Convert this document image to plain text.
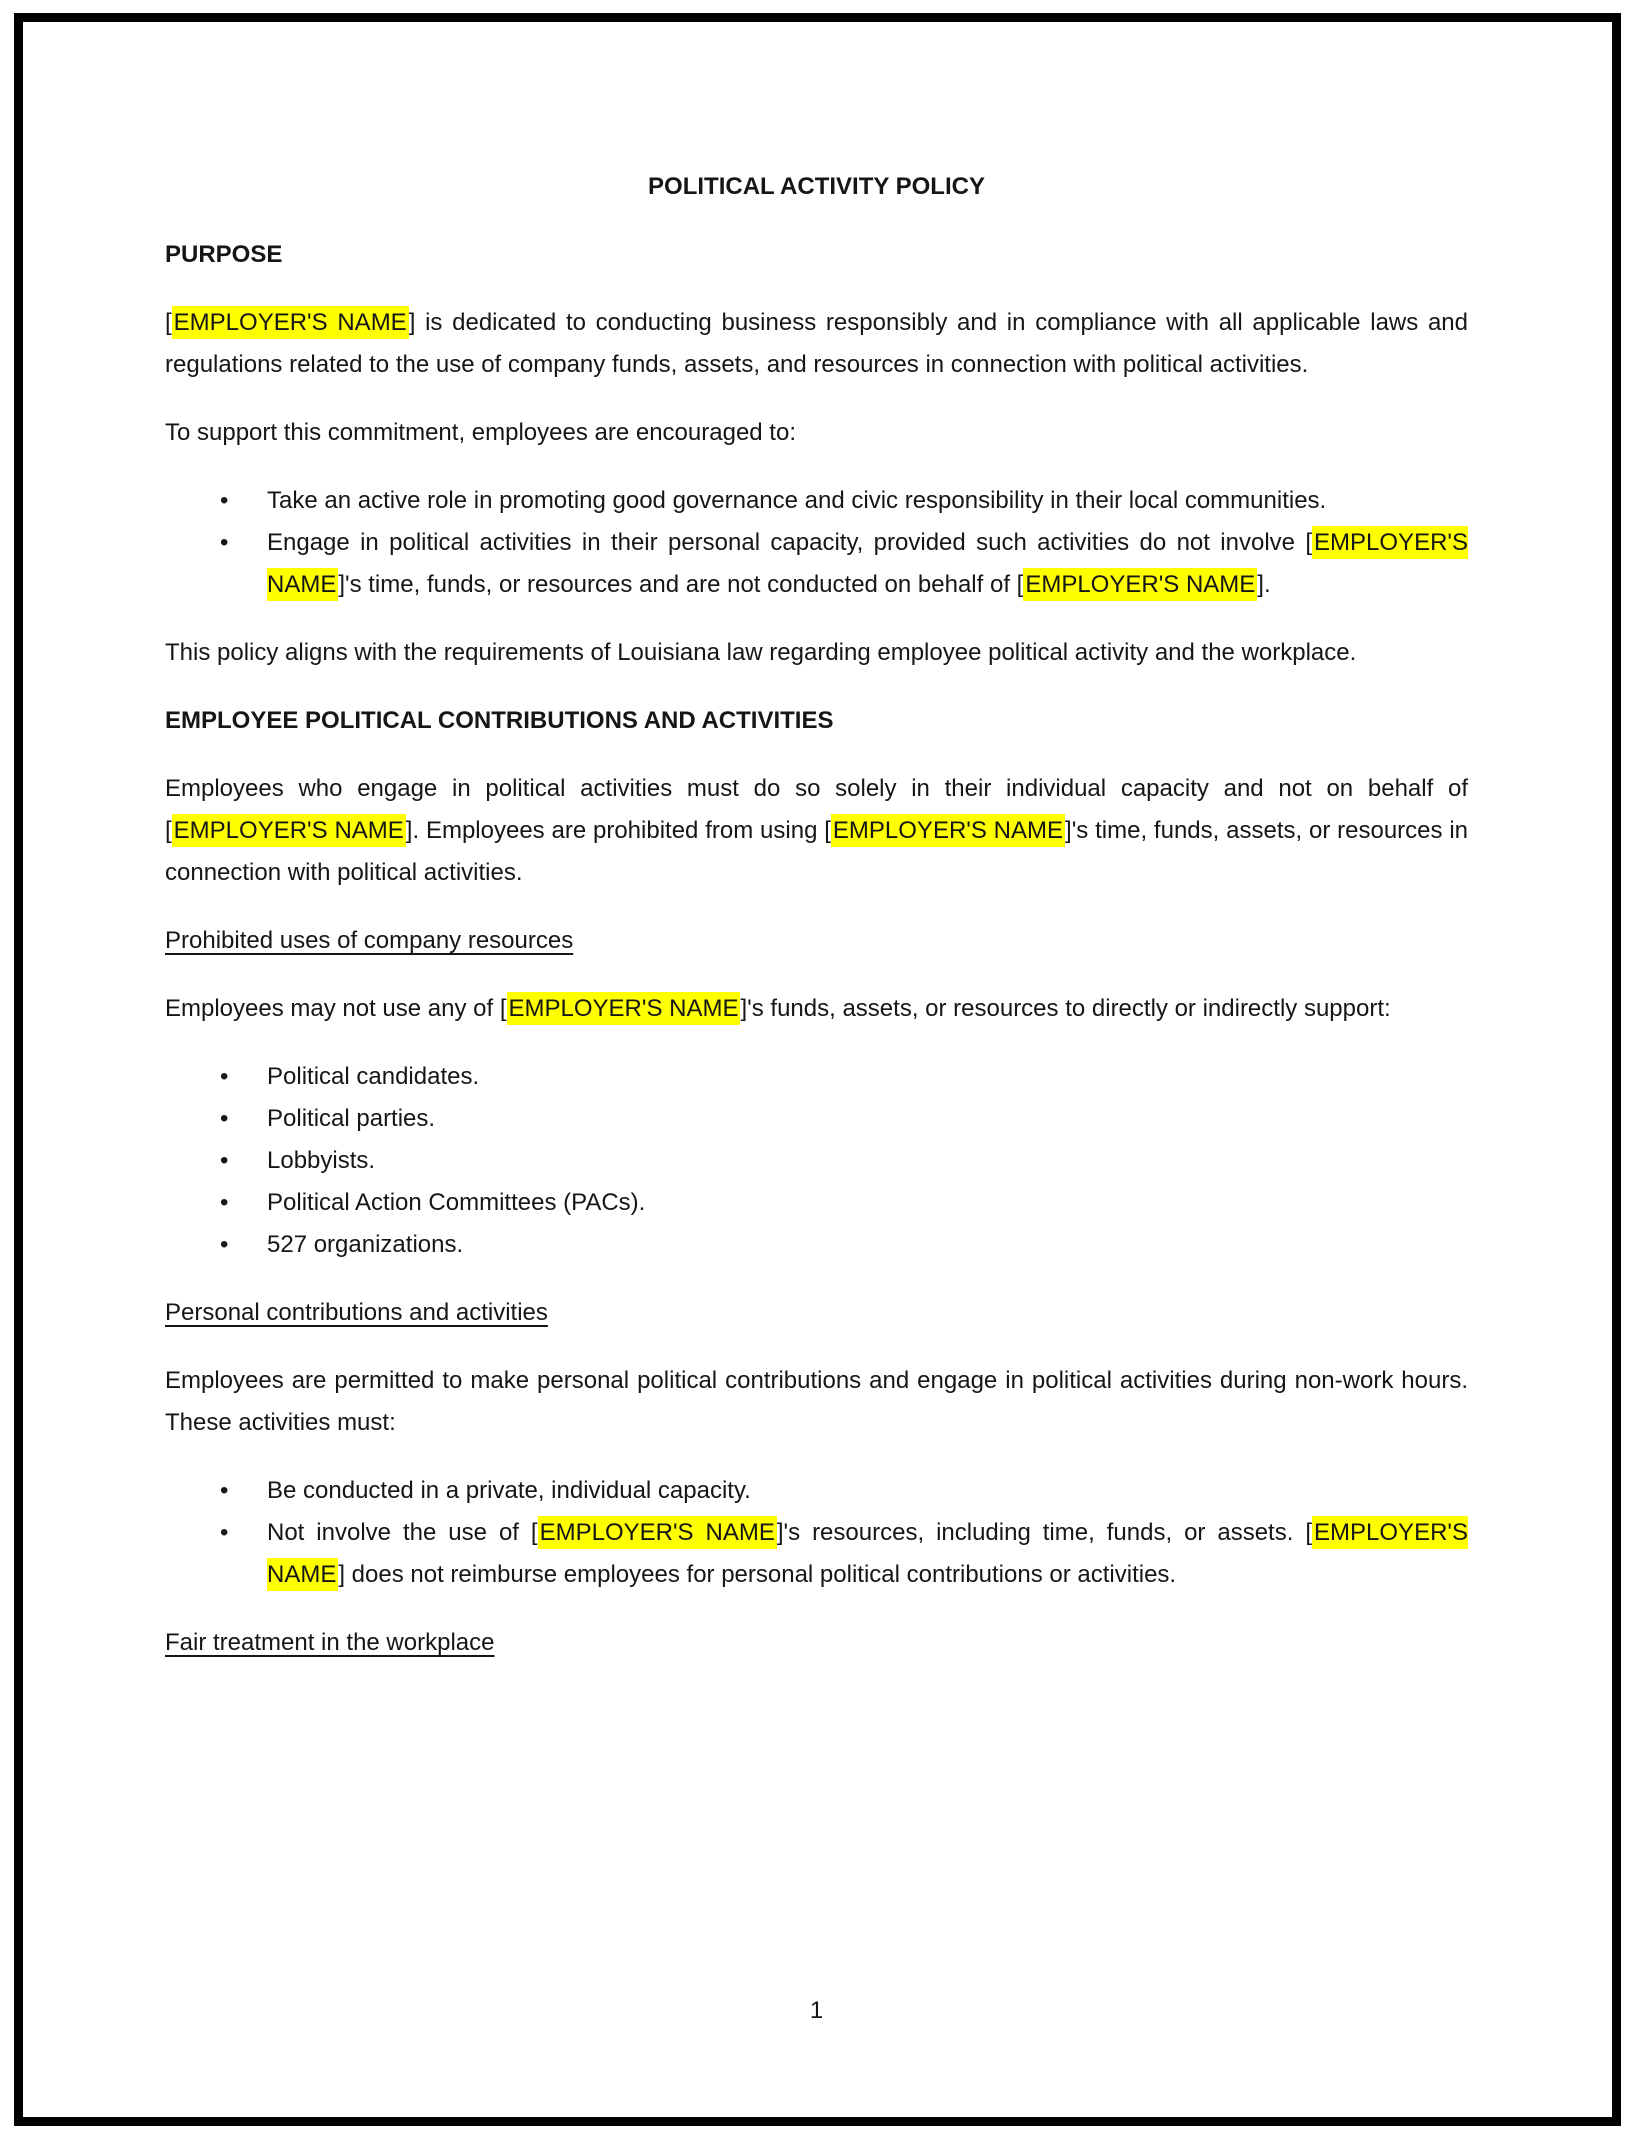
POLITICAL ACTIVITY POLICY

PURPOSE

[EMPLOYER'S NAME] is dedicated to conducting business responsibly and in compliance with all applicable laws and regulations related to the use of company funds, assets, and resources in connection with political activities.

To support this commitment, employees are encouraged to:

• Take an active role in promoting good governance and civic responsibility in their local communities.
• Engage in political activities in their personal capacity, provided such activities do not involve [EMPLOYER'S NAME]'s time, funds, or resources and are not conducted on behalf of [EMPLOYER'S NAME].

This policy aligns with the requirements of Louisiana law regarding employee political activity and the workplace.

EMPLOYEE POLITICAL CONTRIBUTIONS AND ACTIVITIES

Employees who engage in political activities must do so solely in their individual capacity and not on behalf of [EMPLOYER'S NAME]. Employees are prohibited from using [EMPLOYER'S NAME]'s time, funds, assets, or resources in connection with political activities.

Prohibited uses of company resources

Employees may not use any of [EMPLOYER'S NAME]'s funds, assets, or resources to directly or indirectly support:

• Political candidates.
• Political parties.
• Lobbyists.
• Political Action Committees (PACs).
• 527 organizations.

Personal contributions and activities

Employees are permitted to make personal political contributions and engage in political activities during non-work hours. These activities must:

• Be conducted in a private, individual capacity.
• Not involve the use of [EMPLOYER'S NAME]'s resources, including time, funds, or assets. [EMPLOYER'S NAME] does not reimburse employees for personal political contributions or activities.

Fair treatment in the workplace

1
